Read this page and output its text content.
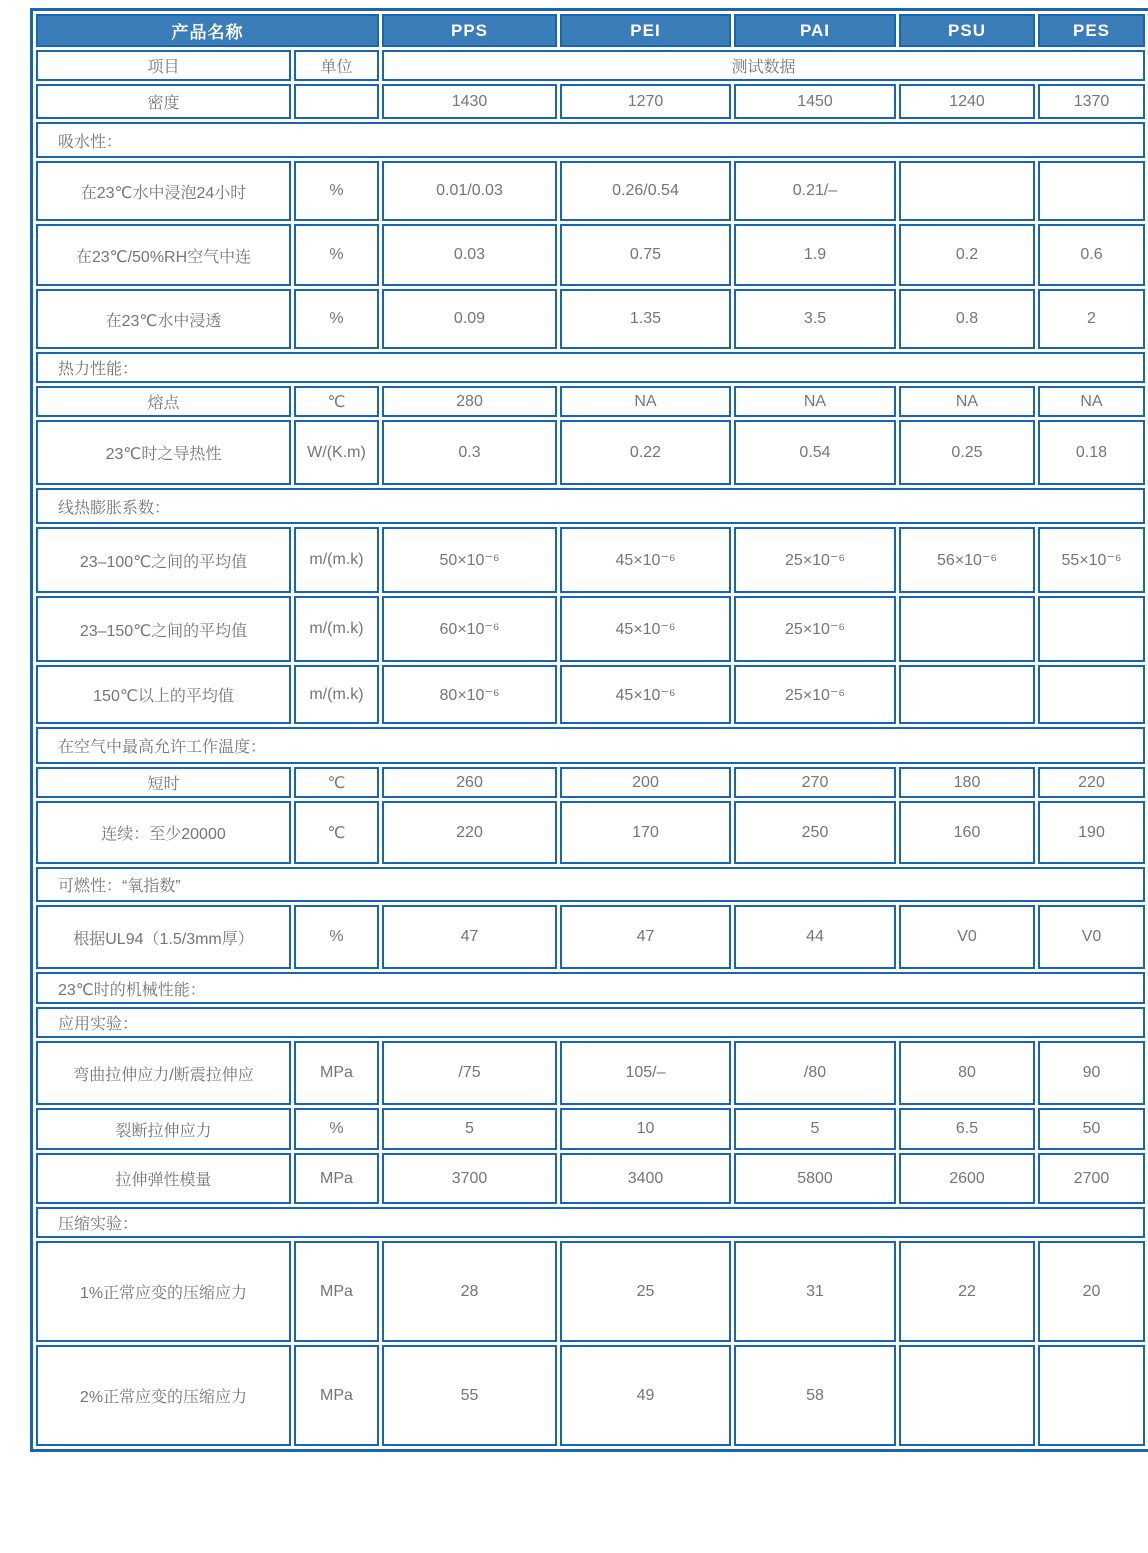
产品名称		PPS	PEI	PAI	PSU	PES
项目	单位	测试数据				
密度		1430	1270	1450	1240	1370
吸水性：						
在23℃水中浸泡24小时	%	0.01/0.03	0.26/0.54	0.21/–		
在23℃/50%RH空气中连	%	0.03	0.75	1.9	0.2	0.6
在23℃水中浸透	%	0.09	1.35	3.5	0.8	2
热力性能：						
熔点	℃	280	NA	NA	NA	NA
23℃时之导热性	W/(K.m)	0.3	0.22	0.54	0.25	0.18
线热膨胀系数：						
23–100℃之间的平均值	m/(m.k)	50×10⁻⁶	45×10⁻⁶	25×10⁻⁶	56×10⁻⁶	55×10⁻⁶
23–150℃之间的平均值	m/(m.k)	60×10⁻⁶	45×10⁻⁶	25×10⁻⁶		
150℃以上的平均值	m/(m.k)	80×10⁻⁶	45×10⁻⁶	25×10⁻⁶		
在空气中最高允许工作温度：						
短时	℃	260	200	270	180	220
连续：至少20000	℃	220	170	250	160	190
可燃性：“氧指数”						
根据UL94（1.5/3mm厚）	%	47	47	44	V0	V0
23℃时的机械性能：						
应用实验：						
弯曲拉伸应力/断震拉伸应	MPa	/75	105/–	/80	80	90
裂断拉伸应力	%	5	10	5	6.5	50
拉伸弹性模量	MPa	3700	3400	5800	2600	2700
压缩实验：						
1%正常应变的压缩应力	MPa	28	25	31	22	20
2%正常应变的压缩应力	MPa	55	49	58		
